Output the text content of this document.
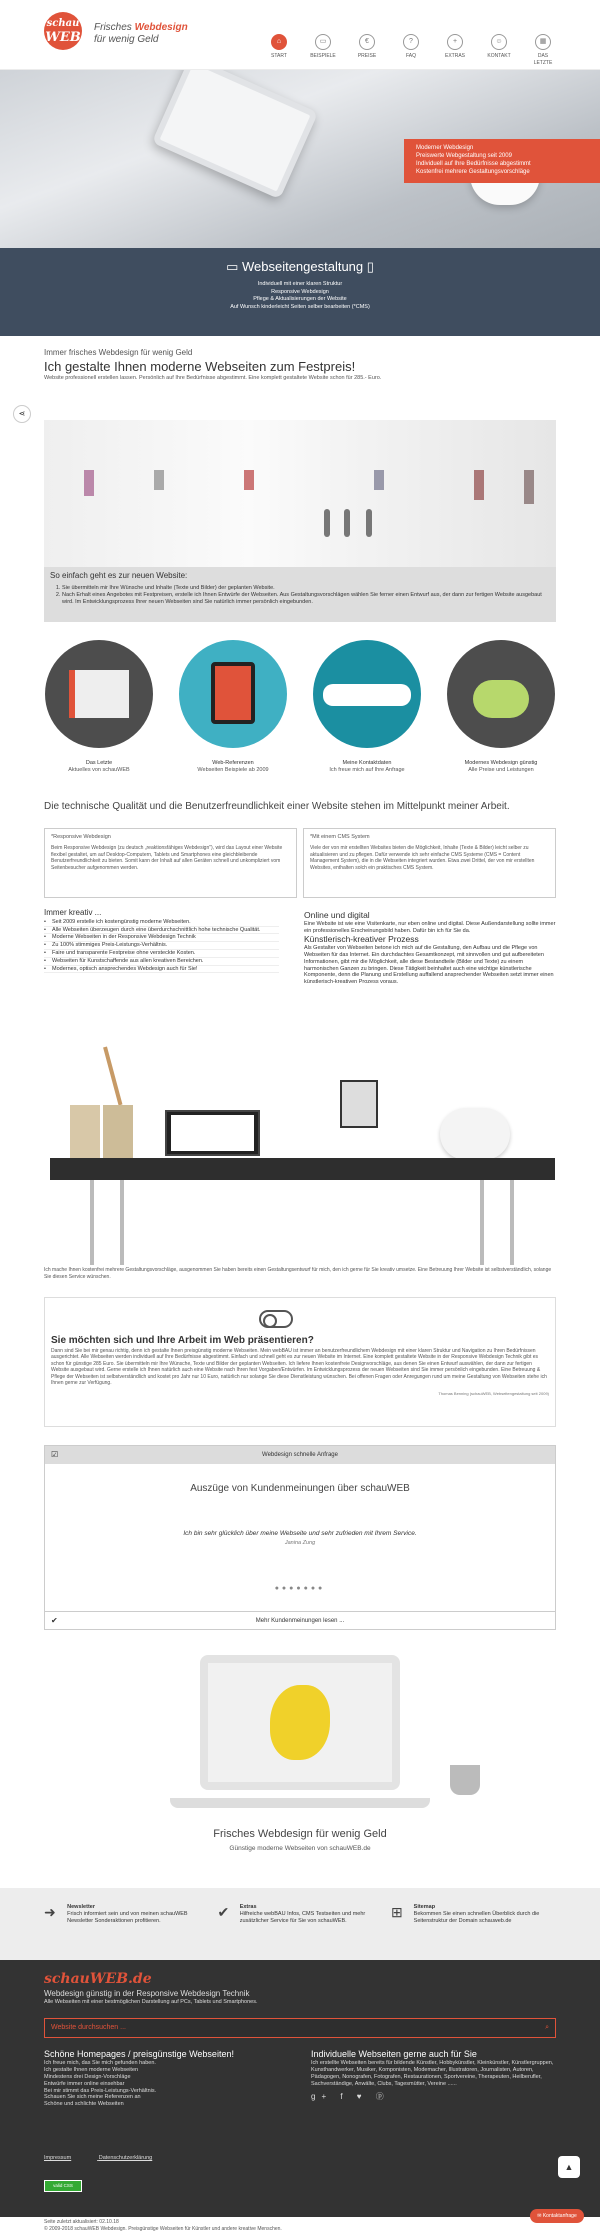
schau
WEB
Frisches Webdesign
für wenig Geld	⌂
START
▭
BEISPIELE
€
PREISE
?
FAQ
+
EXTRAS
☺
KONTAKT
▦
DAS LETZTE
Moderner Webdesign
Preiswerte Webgestaltung seit 2009
Individuell auf Ihre Bedürfnisse abgestimmt
Kostenfrei mehrere Gestaltungsvorschläge
▭ Webseitengestaltung ▯
Individuell mit einer klaren Struktur
Responsive Webdesign
Pflege & Aktualisierungen der Website
Auf Wunsch kinderleicht Seiten selber bearbeiten (*CMS)
Immer frisches Webdesign für wenig Geld
Ich gestalte Ihnen moderne Webseiten zum Festpreis!
Website professionell erstellen lassen. Persönlich auf Ihre Bedürfnisse abgestimmt. Eine komplett gestaltete Website schon für 285.- Euro.
⋖
So einfach geht es zur neuen Website:
1. Sie übermitteln mir Ihre Wünsche und Inhalte (Texte und Bilder) der geplanten Website.
2. Nach Erhalt eines Angebotes mit Festpreisen, erstelle ich Ihnen Entwürfe der Webseiten. Aus Gestaltungsvorschlägen wählen Sie ferner einen Entwurf aus, der dann zur fertigen Website ausgebaut wird. Im Entwicklungsprozess Ihrer neuen Webseiten sind Sie natürlich immer persönlich eingebunden.
Das Letzte
Aktuelles von schauWEB
Web-Referenzen
Webseiten Beispiele ab 2009
Meine Kontaktdaten
Ich freue mich auf Ihre Anfrage
Modernes Webdesign günstig
Alle Preise und Leistungen
Die technische Qualität und die Benutzerfreundlichkeit einer Website stehen im Mittelpunkt meiner Arbeit.
*Responsive Webdesign
Beim Responsive Webdesign (zu deutsch „reaktionsfähiges Webdesign"), wird das Layout einer Website flexibel gestaltet, um auf Desktop-Computern, Tablets und Smartphones eine gleichbleibende Benutzerfreundlichkeit zu bieten. Somit kann der Inhalt auf allen Geräten schnell und unkompliziert vom Seitenbesucher aufgenommen werden.
*Mit einem CMS System
Viele der von mir erstellten Websites bieten die Möglichkeit, Inhalte (Texte & Bilder) leicht selber zu aktualisieren und zu pflegen. Dafür verwende ich sehr einfache CMS Systeme (CMS = Content Management System), die in die Webseiten integriert wurden. Etwa zwei Drittel, der von mir erstellten Websites, enthalten solch ein praktisches CMS System.
Immer kreativ ...
• Seit 2009 erstelle ich kostengünstig moderne Webseiten.
• Alle Webseiten überzeugen durch eine überdurchschnittlich hohe technische Qualität.
• Moderne Webseiten in der Responsive Webdesign Technik
• Zu 100% stimmiges Preis-Leistungs-Verhältnis.
• Faire und transparente Festpreise ohne versteckte Kosten.
• Webseiten für Kunstschaffende aus allen kreativen Bereichen.
• Modernes, optisch ansprechendes Webdesign auch für Sie!
Online und digital
Eine Website ist wie eine Visitenkarte, nur eben online und digital. Diese Außendarstellung sollte immer ein professionelles Erscheinungsbild haben. Dafür bin ich für Sie da.
Künstlerisch-kreativer Prozess
Als Gestalter von Webseiten betone ich mich auf die Gestaltung, den Aufbau und die Pflege von Webseiten für das Internet. Ein durchdachtes Gesamtkonzept, mit sinnvollen und gut aufbereiteten Informationen, gibt mir die Möglichkeit, alle diese Bestandteile (Bilder und Texte) zu einem harmonischen Ganzen zu bringen. Diese Tätigkeit beinhaltet auch eine wichtige künstlerische Komponente, denn die Planung und Erstellung auffallend ansprechender Webseiten setzt immer einen künstlerisch-kreativen Prozess voraus.
Ich mache Ihnen kostenfrei mehrere Gestaltungsvorschläge, ausgenommen Sie haben bereits einen Gestaltungsentwurf für mich, den ich gerne für Sie kreativ umsetze. Eine Betreuung Ihrer Website ist selbstverständlich, solange Sie diesen Service wünschen.
Sie möchten sich und Ihre Arbeit im Web präsentieren?
Dann sind Sie bei mir genau richtig, denn ich gestalte Ihnen preisgünstig moderne Webseiten. Mein webBAU ist immer an benutzerfreundlichem Webdesign mit einer klaren Struktur und Navigation zu Ihren Bedürfnissen ausgerichtet. Alle Webseiten werden individuell auf Ihre Bedürfnisse abgestimmt. Einfach und schnell geht es zur neuen Website im Internet. Eine komplett gestaltete Website in der Responsive Webdesign Technik gibt es schon für günstige 285 Euro. Sie übermitteln mir Ihre Wünsche, Texte und Bilder der geplanten Webseiten. Ich liefere Ihnen kostenfreie Designvorschläge, aus denen Sie einen Entwurf auswählen, der dann zur fertigen Website ausgebaut wird. Gerne erstelle ich Ihnen natürlich auch eine Website nach Ihren fest Vorgaben/Entwürfen. Im Entwicklungsprozess der neuen Webseiten sind Sie immer persönlich eingebunden. Eine Betreuung & Pflege der Webseiten ist selbstverständlich und kostet pro Jahr nur 10 Euro, natürlich nur solange Sie diese Dienstleistung wünschen. Bei offenen Fragen oder Anregungen rund um meine Gestaltung von Webseiten stehe ich Ihnen gerne zur Verfügung.
Thomas Benning (schauWEB, Webseitengestaltung seit 2009)
☑	Webdesign schnelle Anfrage
Auszüge von Kundenmeinungen über schauWEB
Ich bin sehr glücklich über meine Webseite und sehr zufrieden mit Ihrem Service.
Janina Zung
●●●●●●●
✔	Mehr Kundenmeinungen lesen ...
Frisches Webdesign für wenig Geld
Günstige moderne Webseiten von schauWEB.de
➜ Newsletter
Frisch informiert sein und von meinen schauWEB Newsletter Sonderaktionen profitieren.
✔ Extras
Hilfreiche webBAU Infos, CMS Testseiten und mehr zusätzlicher Service für Sie von schauWEB.
⊞ Sitemap
Bekommen Sie einen schnellen Überblick durch die Seitenstruktur der Domain schauweb.de
schauWEB.de
Webdesign günstig in der Responsive Webdesign Technik
Alle Webseiten mit einer bestmöglichen Darstellung auf PCs, Tablets und Smartphones.
Website durchsuchen ...	⌕
Schöne Homepages / preisgünstige Webseiten!
Ich freue mich, das Sie mich gefunden haben.
Ich gestalte Ihnen moderne Webseiten
Mindestens drei Design-Vorschläge
Entwürfe immer online einsehbar
Bei mir stimmt das Preis-Leistungs-Verhältnis.
Schauen Sie sich meine Referenzen an
Schöne und schlichte Webseiten
Individuelle Webseiten gerne auch für Sie
Ich erstellte Webseiten bereits für bildende Künstler, Hobbykünstler, Kleinkünstler, Künstlergruppen, Kunsthandwerker, Musiker, Komponisten, Modemacher, Illustratoren, Journalisten, Autoren, Pädagogen, Nonografen, Fotografen, Restaurationen, Sportvereine, Therapeuten, Heilberufler, Sachverständige, Anwälte, Clubs, Tagesmütter, Vereine ......
g+ f ♥ ⓟ
Impressum	Datenschutzerklärung
▲
valid CSS
Seite zuletzt aktualisiert: 02.10.18
© 2009-2018 schauWEB Webdesign. Preisgünstige Webseiten für Künstler und andere kreative Menschen.
✉ Kontaktanfrage
